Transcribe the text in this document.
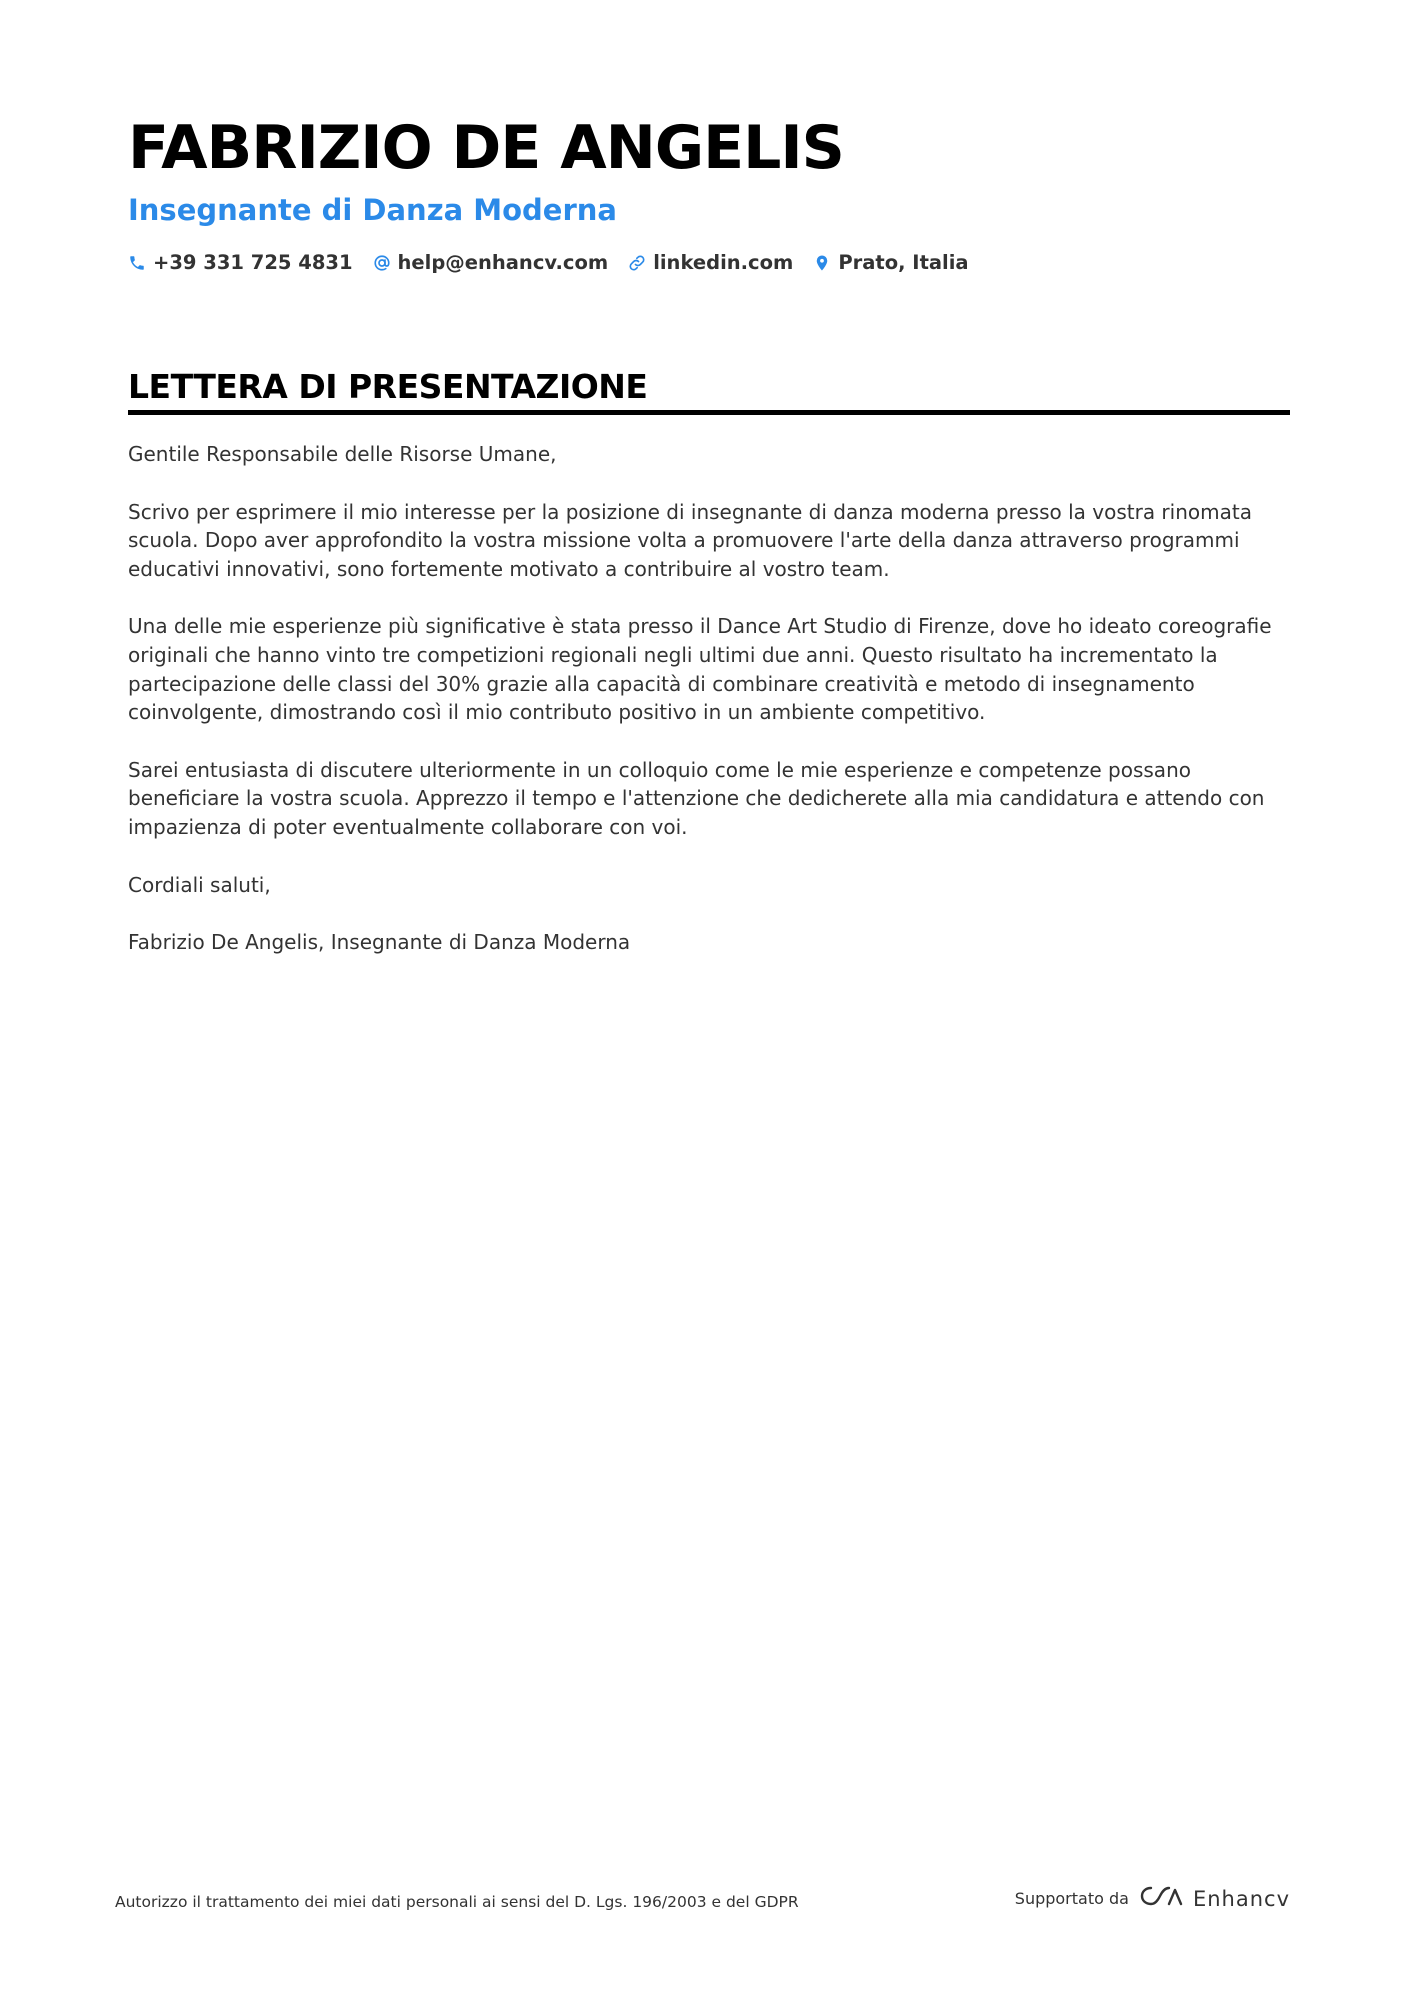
FABRIZIO DE ANGELIS
Insegnante di Danza Moderna
+39 331 725 4831 help@enhancv.com linkedin.com Prato, Italia
LETTERA DI PRESENTAZIONE

Gentile Responsabile delle Risorse Umane,

Scrivo per esprimere il mio interesse per la posizione di insegnante di danza moderna presso la vostra rinomata scuola. Dopo aver approfondito la vostra missione volta a promuovere l'arte della danza attraverso programmi educativi innovativi, sono fortemente motivato a contribuire al vostro team.

Una delle mie esperienze più significative è stata presso il Dance Art Studio di Firenze, dove ho ideato coreografie originali che hanno vinto tre competizioni regionali negli ultimi due anni. Questo risultato ha incrementato la partecipazione delle classi del 30% grazie alla capacità di combinare creatività e metodo di insegnamento coinvolgente, dimostrando così il mio contributo positivo in un ambiente competitivo.

Sarei entusiasta di discutere ulteriormente in un colloquio come le mie esperienze e competenze possano beneficiare la vostra scuola. Apprezzo il tempo e l'attenzione che dedicherete alla mia candidatura e attendo con impazienza di poter eventualmente collaborare con voi.

Cordiali saluti,

Fabrizio De Angelis, Insegnante di Danza Moderna

Autorizzo il trattamento dei miei dati personali ai sensi del D. Lgs. 196/2003 e del GDPR	Supportato da	Enhancv
